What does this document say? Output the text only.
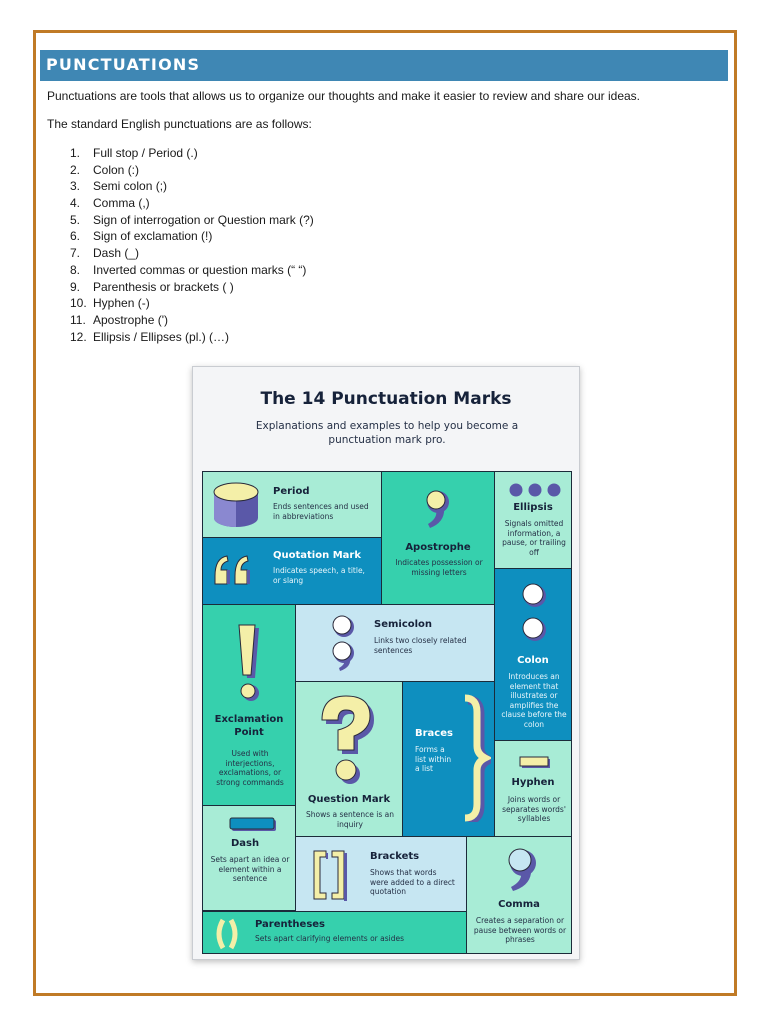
PUNCTUATIONS
Punctuations are tools that allows us to organize our thoughts and make it easier to review and share our ideas.
The standard English punctuations are as follows:
1.	Full stop / Period (.)
2.	Colon (:)
3.	Semi colon (;)
4.	Comma (,)
5.	Sign of interrogation or Question mark (?)
6.	Sign of exclamation (!)
7.	Dash (_)
8.	Inverted commas or question marks (“ “)
9.	Parenthesis or brackets ( )
10. Hyphen (-)
11. Apostrophe (')
12. Ellipsis / Ellipses (pl.) (…)
The 14 Punctuation Marks
Explanations and examples to help you become a punctuation mark pro.
Period

Ends sentences and used in abbreviations

Apostrophe

Indicates possession or missing letters

Ellipsis

Signals omitted information, a pause, or trailing off

Quotation Mark

Indicates speech, a title, or slang

Colon

Introduces an element that illustrates or amplifies the clause before the colon

Exclamation Point

Used with interjections, exclamations, or strong commands

Semicolon

Links two closely related sentences

Question Mark

Shows a sentence is an inquiry

Braces

Forms a list within a list

Hyphen

Joins words or separates words' syllables

Dash

Sets apart an idea or element within a sentence

Brackets

Shows that words were added to a direct quotation

Comma

Creates a separation or pause between words or phrases

Parentheses

Sets apart clarifying elements or asides
